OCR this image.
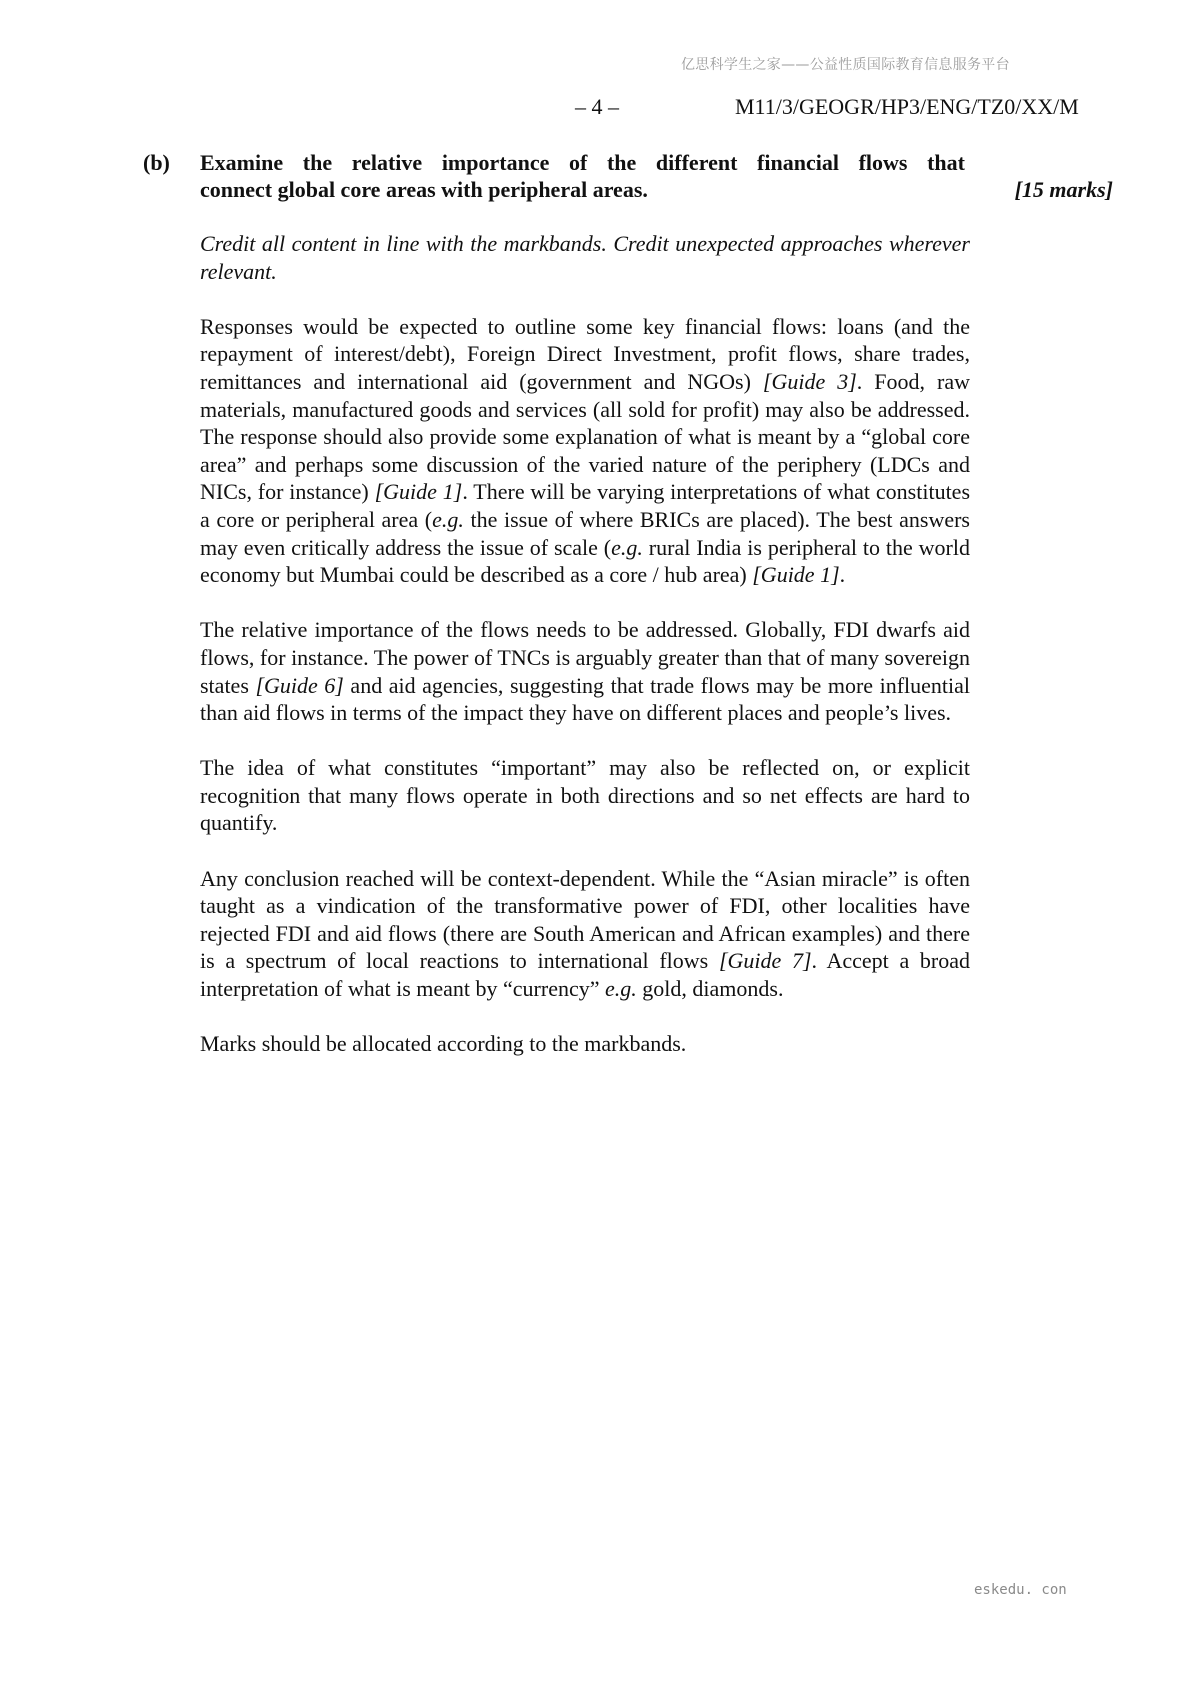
亿思科学生之家——公益性质国际教育信息服务平台
– 4 –	M11/3/GEOGR/HP3/ENG/TZ0/XX/M
(b) Examine the relative importance of the different financial flows that
connect global core areas with peripheral areas.	[15 marks]

Credit all content in line with the markbands. Credit unexpected approaches wherever relevant.

Responses would be expected to outline some key financial flows: loans (and the repayment of interest/debt), Foreign Direct Investment, profit flows, share trades, remittances and international aid (government and NGOs) [Guide 3]. Food, raw materials, manufactured goods and services (all sold for profit) may also be addressed. The response should also provide some explanation of what is meant by a “global core area” and perhaps some discussion of the varied nature of the periphery (LDCs and NICs, for instance) [Guide 1]. There will be varying interpretations of what constitutes a core or peripheral area (e.g. the issue of where BRICs are placed). The best answers may even critically address the issue of scale (e.g. rural India is peripheral to the world economy but Mumbai could be described as a core / hub area) [Guide 1].

The relative importance of the flows needs to be addressed. Globally, FDI dwarfs aid flows, for instance. The power of TNCs is arguably greater than that of many sovereign states [Guide 6] and aid agencies, suggesting that trade flows may be more influential than aid flows in terms of the impact they have on different places and people’s lives.

The idea of what constitutes “important” may also be reflected on, or explicit recognition that many flows operate in both directions and so net effects are hard to quantify.

Any conclusion reached will be context-dependent. While the “Asian miracle” is often taught as a vindication of the transformative power of FDI, other localities have rejected FDI and aid flows (there are South American and African examples) and there is a spectrum of local reactions to international flows [Guide 7]. Accept a broad interpretation of what is meant by “currency” e.g. gold, diamonds.

Marks should be allocated according to the markbands.

eskedu. con
